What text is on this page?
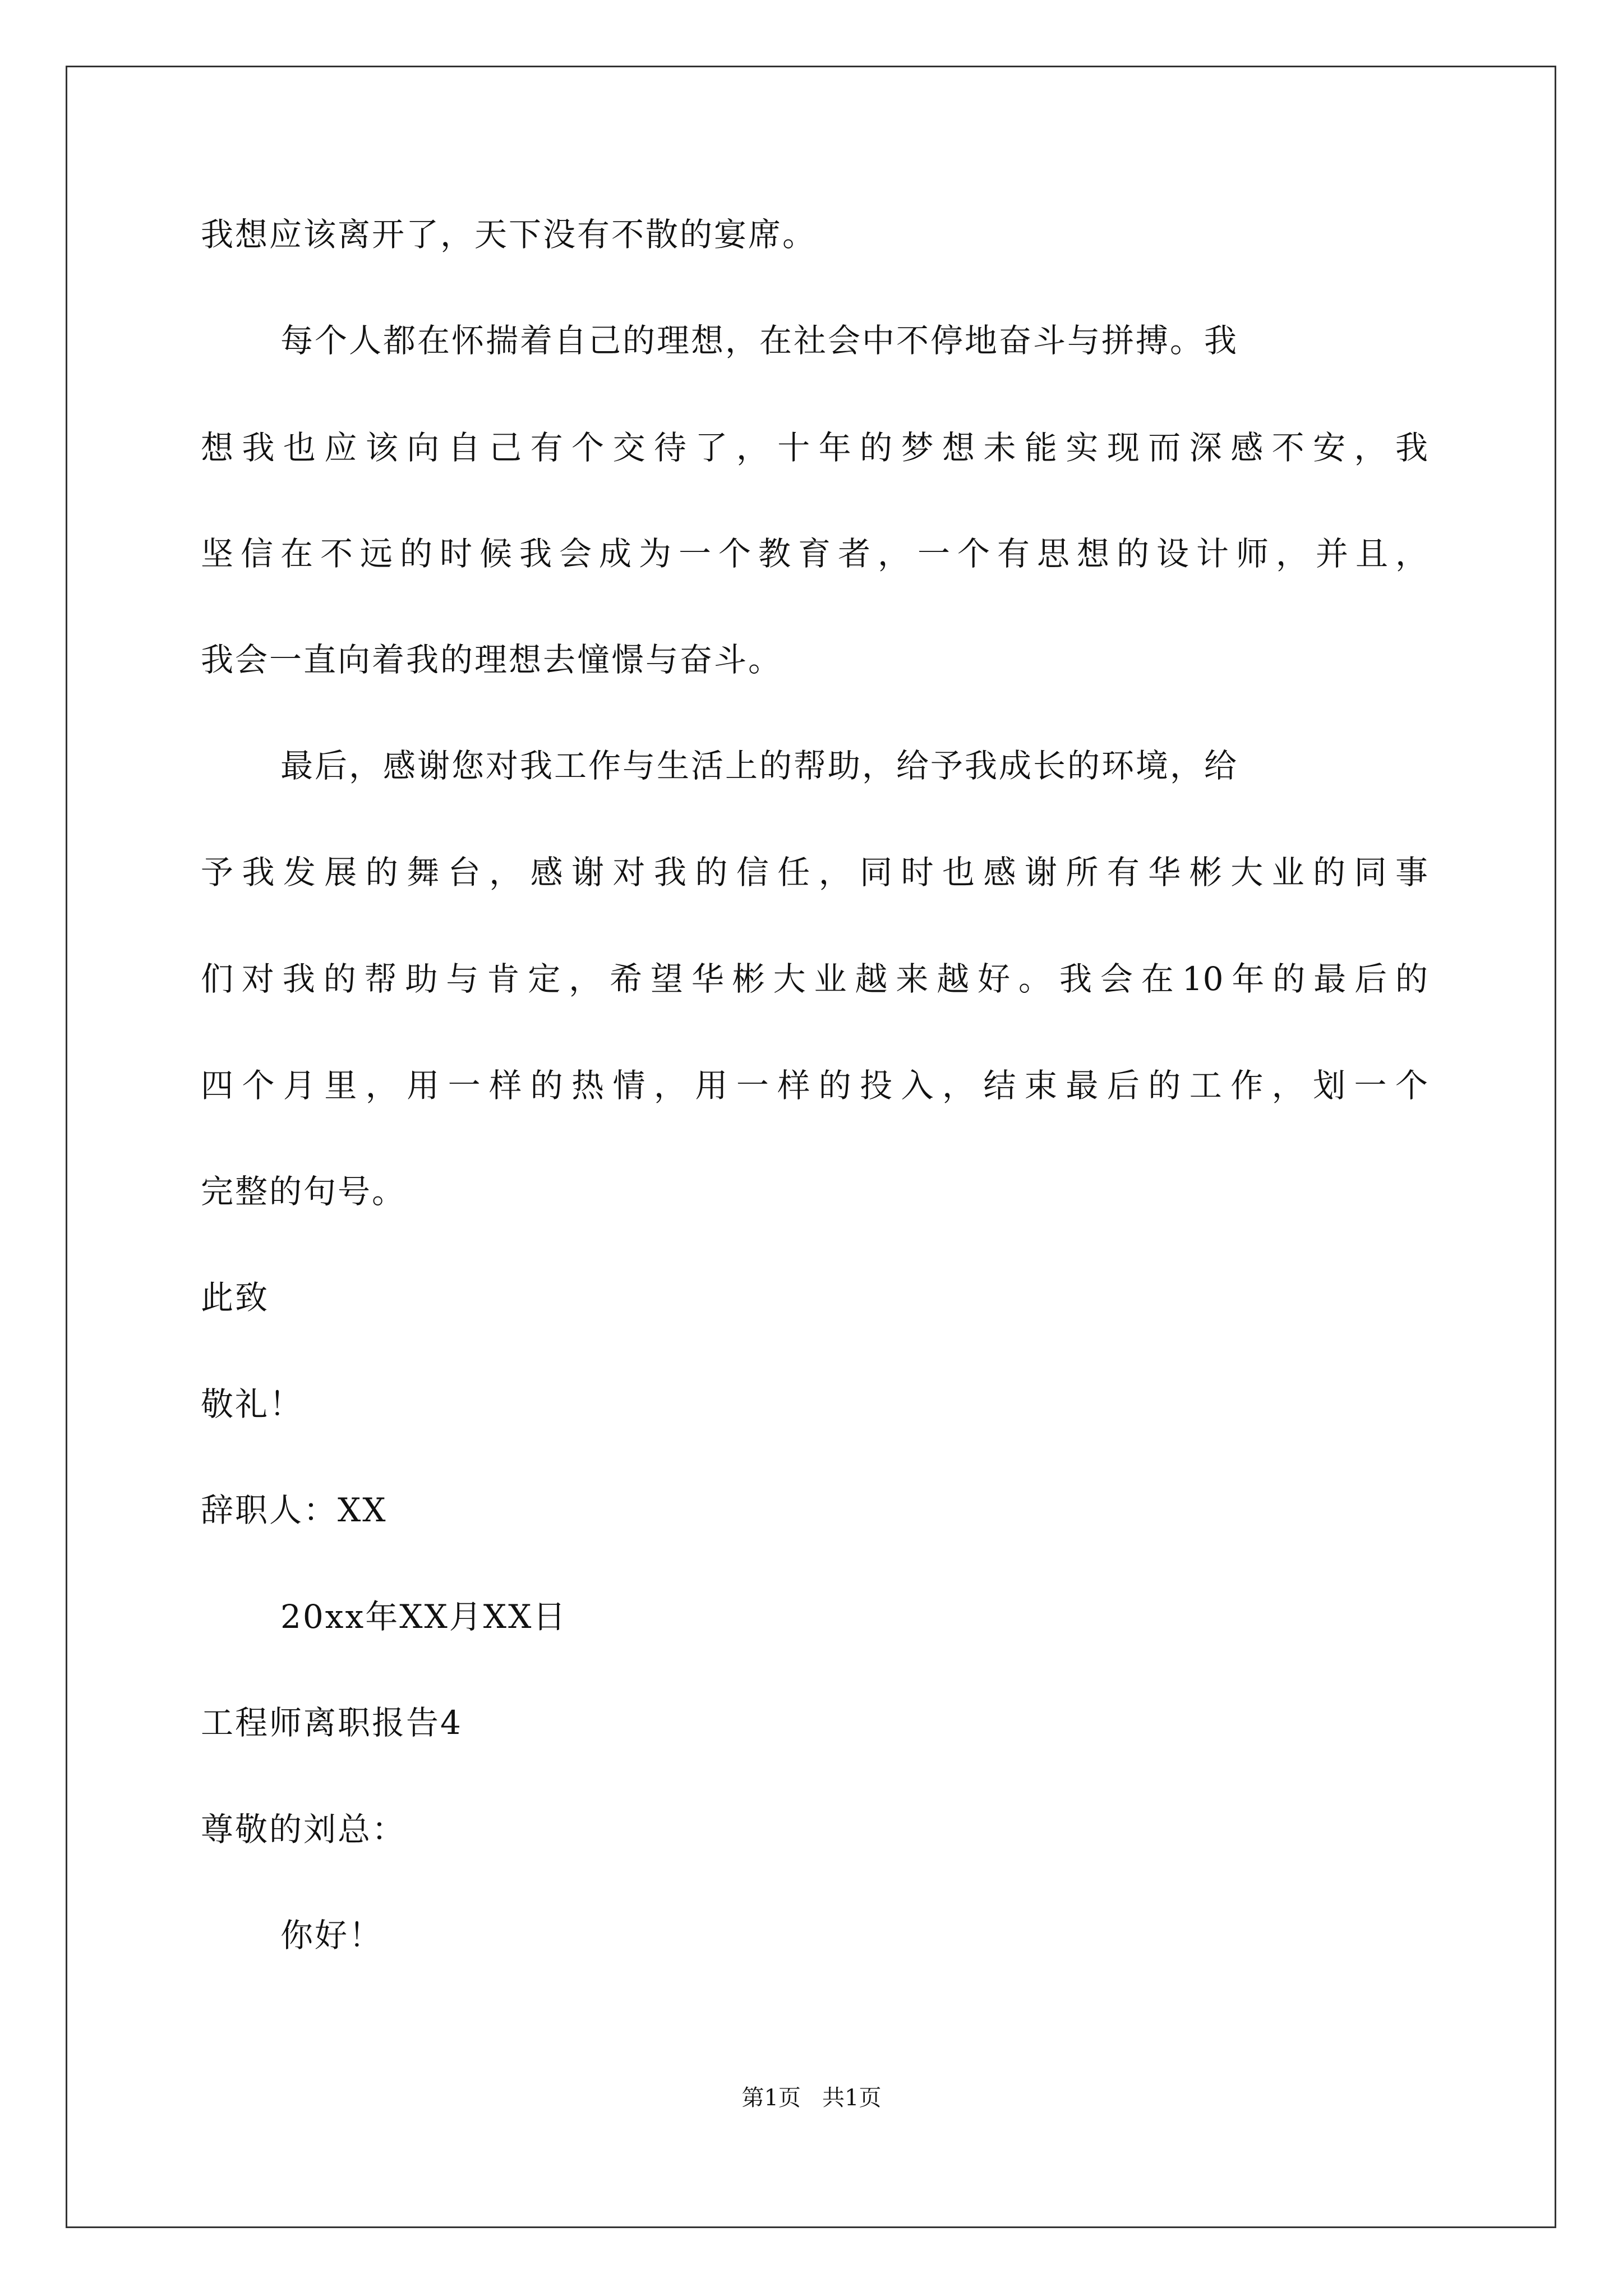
我想应该离开了，天下没有不散的宴席。
每个人都在怀揣着自己的理想，在社会中不停地奋斗与拼搏。我
想我也应该向自己有个交待了，十年的梦想未能实现而深感不安，我
坚信在不远的时候我会成为一个教育者，一个有思想的设计师，并且，
我会一直向着我的理想去憧憬与奋斗。
最后，感谢您对我工作与生活上的帮助，给予我成长的环境，给
予我发展的舞台，感谢对我的信任，同时也感谢所有华彬大业的同事
们对我的帮助与肯定，希望华彬大业越来越好。我会在10年的最后的
四个月里，用一样的热情，用一样的投入，结束最后的工作，划一个
完整的句号。
此致
敬礼！
辞职人：XX
20xx年XX月XX日
工程师离职报告4
尊敬的刘总：
你好！
第1页   共1页
